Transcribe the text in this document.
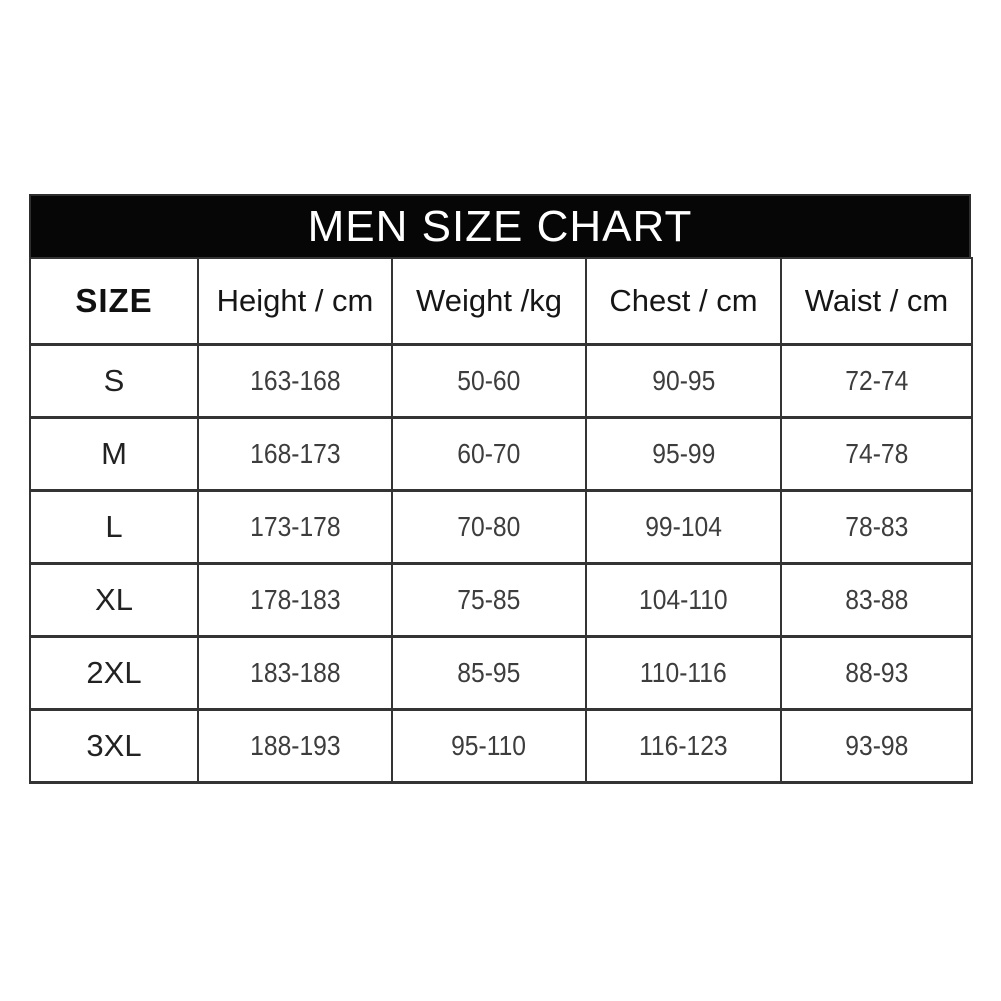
MEN SIZE CHART
SIZE	Height / cm	Weight /kg	Chest / cm	Waist / cm
S	163-168	50-60	90-95	72-74
M	168-173	60-70	95-99	74-78
L	173-178	70-80	99-104	78-83
XL	178-183	75-85	104-110	83-88
2XL	183-188	85-95	110-116	88-93
3XL	188-193	95-110	116-123	93-98
